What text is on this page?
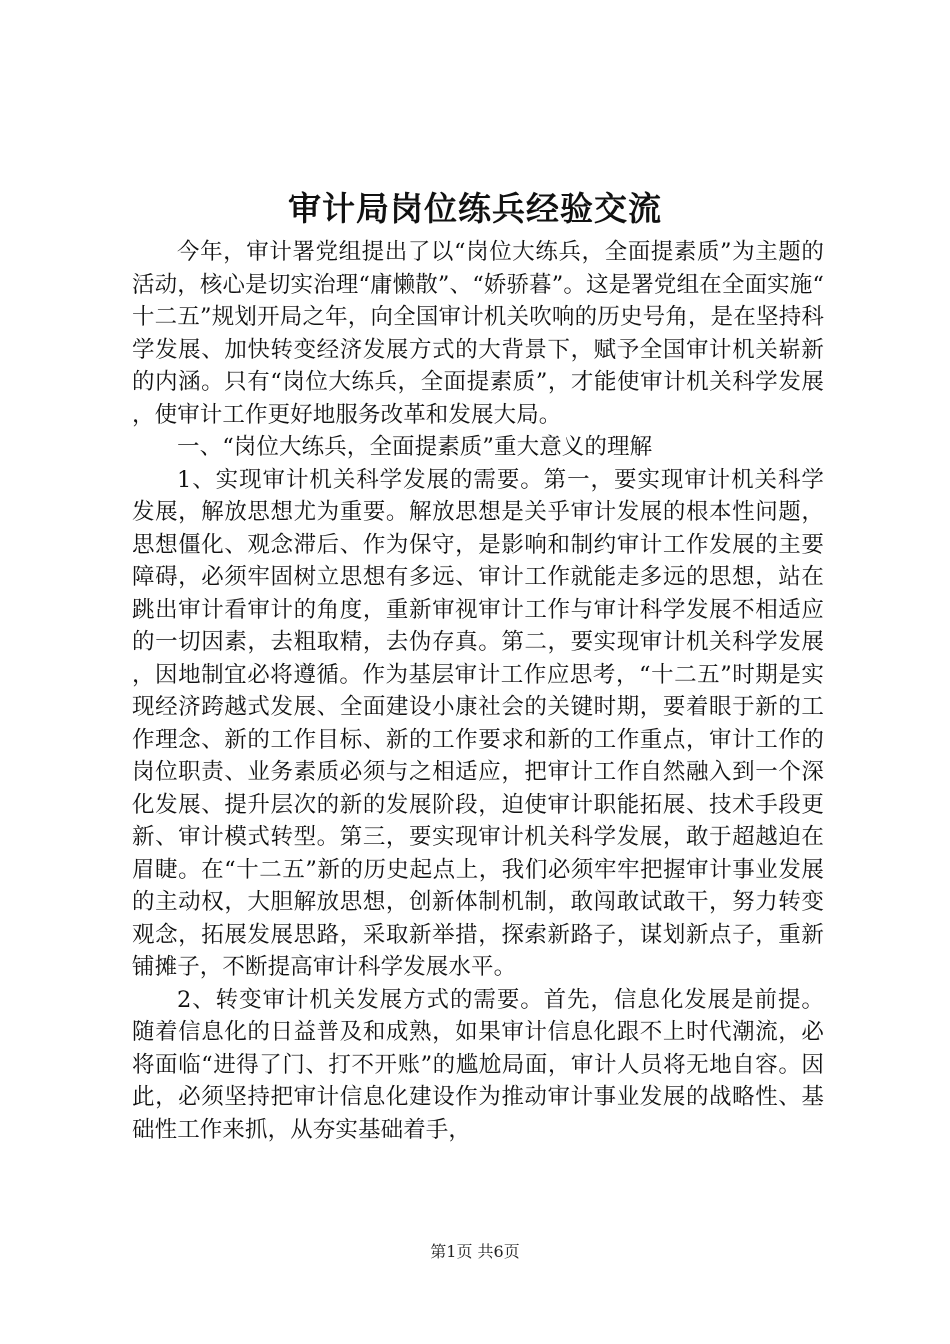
审计局岗位练兵经验交流

今年，审计署党组提出了以“岗位大练兵，全面提素质”为主题的活动，核心是切实治理“庸懒散”、“娇骄暮”。这是署党组在全面实施“十二五”规划开局之年，向全国审计机关吹响的历史号角，是在坚持科学发展、加快转变经济发展方式的大背景下，赋予全国审计机关崭新的内涵。只有“岗位大练兵，全面提素质”，才能使审计机关科学发展，使审计工作更好地服务改革和发展大局。

一、“岗位大练兵，全面提素质”重大意义的理解

1、实现审计机关科学发展的需要。第一，要实现审计机关科学发展，解放思想尤为重要。解放思想是关乎审计发展的根本性问题，思想僵化、观念滞后、作为保守，是影响和制约审计工作发展的主要障碍，必须牢固树立思想有多远、审计工作就能走多远的思想，站在跳出审计看审计的角度，重新审视审计工作与审计科学发展不相适应的一切因素，去粗取精，去伪存真。第二，要实现审计机关科学发展，因地制宜必将遵循。作为基层审计工作应思考，“十二五”时期是实现经济跨越式发展、全面建设小康社会的关键时期，要着眼于新的工作理念、新的工作目标、新的工作要求和新的工作重点，审计工作的岗位职责、业务素质必须与之相适应，把审计工作自然融入到一个深化发展、提升层次的新的发展阶段，迫使审计职能拓展、技术手段更新、审计模式转型。第三，要实现审计机关科学发展，敢于超越迫在眉睫。在“十二五”新的历史起点上，我们必须牢牢把握审计事业发展的主动权，大胆解放思想，创新体制机制，敢闯敢试敢干，努力转变观念，拓展发展思路，采取新举措，探索新路子，谋划新点子，重新铺摊子，不断提高审计科学发展水平。

2、转变审计机关发展方式的需要。首先，信息化发展是前提。随着信息化的日益普及和成熟，如果审计信息化跟不上时代潮流，必将面临“进得了门、打不开账”的尴尬局面，审计人员将无地自容。因此，必须坚持把审计信息化建设作为推动审计事业发展的战略性、基础性工作来抓，从夯实基础着手，

第1页 共6页
